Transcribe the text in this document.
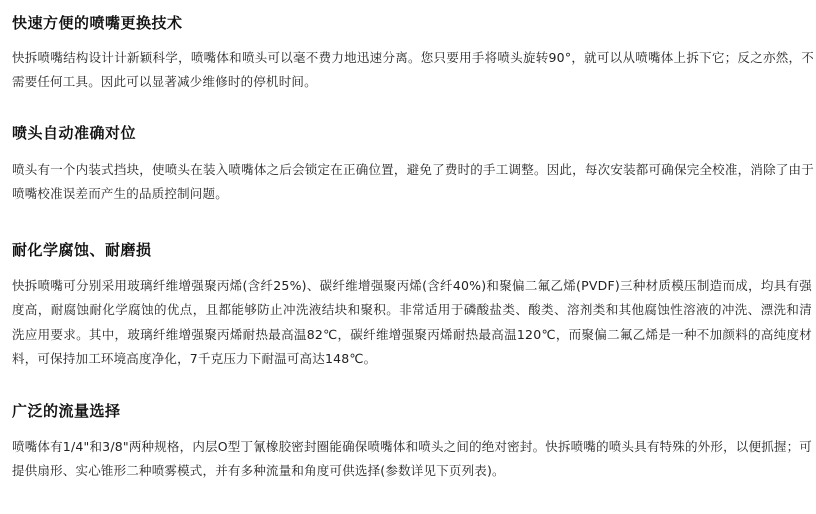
快速方便的喷嘴更换技术

快拆喷嘴结构设计计新颖科学，喷嘴体和喷头可以毫不费力地迅速分离。您只要用手将喷头旋转90°，就可以从喷嘴体上拆下它；反之亦然，不需要任何工具。因此可以显著减少维修时的停机时间。

喷头自动准确对位

喷头有一个内装式挡块，使喷头在装入喷嘴体之后会锁定在正确位置，避免了费时的手工调整。因此，每次安装都可确保完全校准，消除了由于喷嘴校准误差而产生的品质控制问题。

耐化学腐蚀、耐磨损

快拆喷嘴可分别采用玻璃纤维增强聚丙烯(含纤25%)、碳纤维增强聚丙烯(含纤40%)和聚偏二氟乙烯(PVDF)三种材质模压制造而成，均具有强度高，耐腐蚀耐化学腐蚀的优点，且都能够防止冲洗液结块和聚积。非常适用于磷酸盐类、酸类、溶剂类和其他腐蚀性溶液的冲洗、漂洗和清洗应用要求。其中，玻璃纤维增强聚丙烯耐热最高温82℃，碳纤维增强聚丙烯耐热最高温120℃，而聚偏二氟乙烯是一种不加颜料的高纯度材料，可保持加工环境高度净化，7千克压力下耐温可高达148℃。

广泛的流量选择

喷嘴体有1/4"和3/8"两种规格，内层O型丁氰橡胶密封圈能确保喷嘴体和喷头之间的绝对密封。快拆喷嘴的喷头具有特殊的外形，以便抓握；可提供扇形、实心锥形二种喷雾模式，并有多种流量和角度可供选择(参数详见下页列表)。
